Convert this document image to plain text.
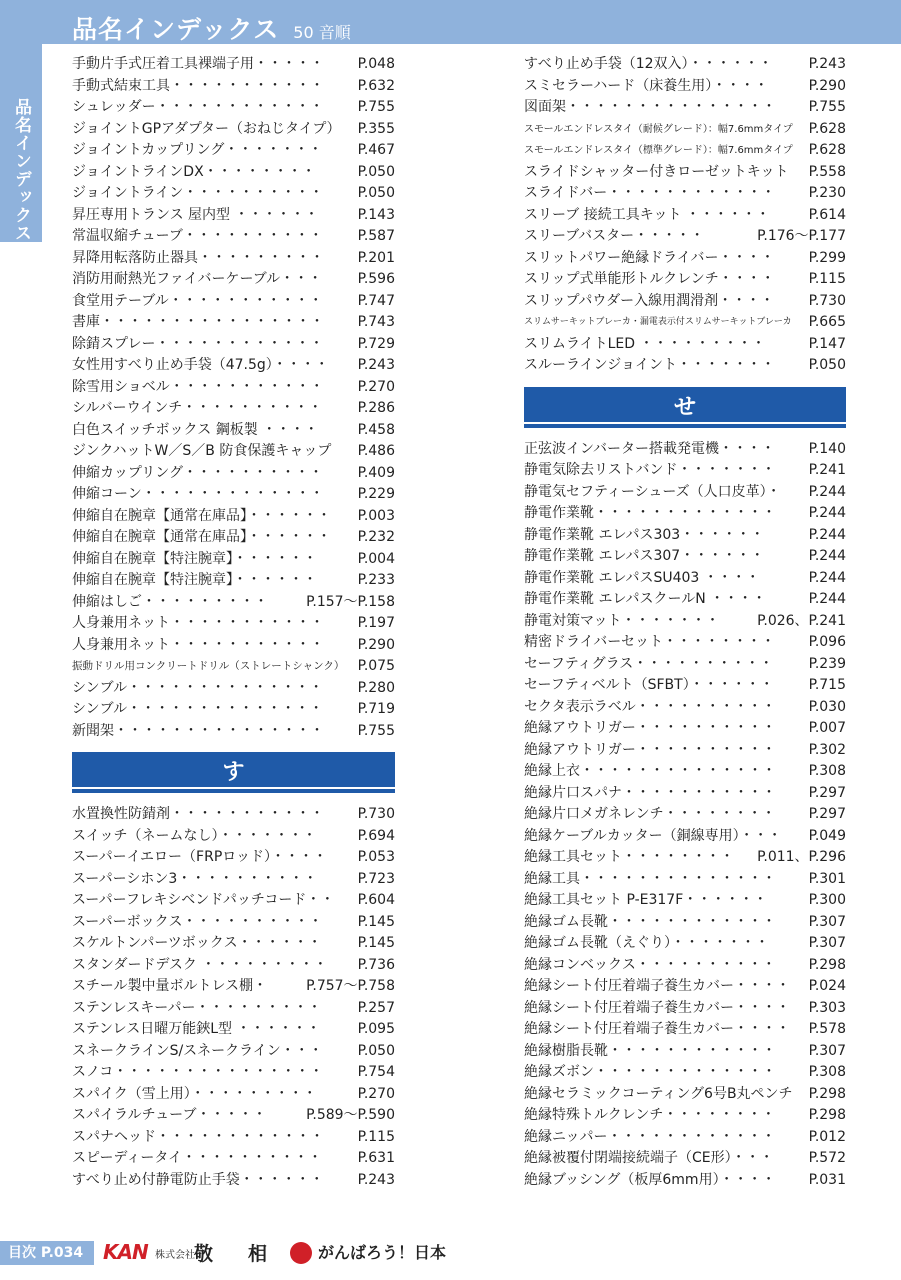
品名インデックス 50 音順
品名インデックス
手動片手式圧着工具裸端子用・・・・・ P.048
手動式結束工具・・・・・・・・・・・ P.632
シュレッダー・・・・・・・・・・・・ P.755
ジョイントGPアダプター（おねじタイプ） P.355
ジョイントカップリング・・・・・・・	P.467
ジョイントラインDX・・・・・・・・	P.050
ジョイントライン・・・・・・・・・・ P.050
昇圧専用トランス 屋内型 ・・・・・・	P.143
常温収縮チューブ・・・・・・・・・・ P.587
昇降用転落防止器具・・・・・・・・・ P.201
消防用耐熱光ファイバーケーブル・・・	P.596
食堂用テーブル・・・・・・・・・・・ P.747
書庫・・・・・・・・・・・・・・・・ P.743
除錆スプレー・・・・・・・・・・・・ P.729
女性用すべり止め手袋（47.5g）・・・・ P.243
除雪用ショベル・・・・・・・・・・・ P.270
シルバーウインチ・・・・・・・・・・	P.286
白色スイッチボックス 鋼板製 ・・・・	P.458
ジンクハットW／S／B 防食保護キャップ P.486
伸縮カップリング・・・・・・・・・・ P.409
伸縮コーン・・・・・・・・・・・・・ P.229
伸縮自在腕章【通常在庫品】・・・・・・ P.003
伸縮自在腕章【通常在庫品】・・・・・・ P.232
伸縮自在腕章【特注腕章】・・・・・・	P.004
伸縮自在腕章【特注腕章】・・・・・・	P.233
伸縮はしご・・・・・・・・・	P.157～P.158
人身兼用ネット・・・・・・・・・・・ P.197
人身兼用ネット・・・・・・・・・・・ P.290
振動ドリル用コンクリートドリル（ストレートシャンク） P.075
シンブル・・・・・・・・・・・・・・ P.280
シンブル・・・・・・・・・・・・・・ P.719
新聞架・・・・・・・・・・・・・・・ P.755
す
水置換性防錆剤・・・・・・・・・・・ P.730
スイッチ（ネームなし）・・・・・・・	P.694
スーパーイエロー（FRPロッド）・・・・ P.053
スーパーシホン3・・・・・・・・・・	P.723
スーパーフレキシベンドパッチコード・・ P.604
スーパーボックス・・・・・・・・・・	P.145
スケルトンパーツボックス・・・・・・	P.145
スタンダードデスク ・・・・・・・・・ P.736
スチール製中量ボルトレス棚・	P.757～P.758
ステンレスキーパー・・・・・・・・・	P.257
ステンレス日曜万能鋏L型 ・・・・・・	P.095
スネークラインS/スネークライン・・・ P.050
スノコ・・・・・・・・・・・・・・・ P.754
スパイク（雪上用）・・・・・・・・・	P.270
スパイラルチューブ・・・・・	P.589～P.590
スパナヘッド・・・・・・・・・・・・ P.115
スピーディータイ・・・・・・・・・・	P.631
すべり止め付静電防止手袋・・・・・・ P.243
すべり止め手袋（12双入）・・・・・・	P.243
スミセラーハード（床養生用）・・・・	P.290
図面架・・・・・・・・・・・・・・・ P.755
スモールエンドレスタイ（耐候グレード）：幅7.6mmタイプ P.628
スモールエンドレスタイ（標準グレード）：幅7.6mmタイプ P.628
スライドシャッター付きローゼットキット P.558
スライドバー・・・・・・・・・・・・ P.230
スリーブ 接続工具キット ・・・・・・	P.614
スリーブバスター・・・・・	P.176～P.177
スリットパワー絶縁ドライバー・・・・ P.299
スリップ式単能形トルクレンチ・・・・ P.115
スリップパウダー入線用潤滑剤・・・・ P.730
スリムサーキットブレーカ・漏電表示付スリムサーキットブレーカ P.665
スリムライトLED ・・・・・・・・・	P.147
スルーラインジョイント・・・・・・・ P.050
せ
正弦波インバーター搭載発電機・・・・ P.140
静電気除去リストバンド・・・・・・・ P.241
静電気セフティーシューズ（人口皮革）・ P.244
静電作業靴・・・・・・・・・・・・・ P.244
静電作業靴 エレパス303・・・・・・	P.244
静電作業靴 エレパス307・・・・・・	P.244
静電作業靴 エレパスSU403 ・・・・	P.244
静電作業靴 エレパスクールN ・・・・	P.244
静電対策マット・・・・・・・	P.026、P.241
精密ドライバーセット・・・・・・・・ P.096
セーフティグラス・・・・・・・・・・	P.239
セーフティベルト（SFBT）・・・・・・ P.715
セクタ表示ラベル・・・・・・・・・・ P.030
絶縁アウトリガー・・・・・・・・・・ P.007
絶縁アウトリガー・・・・・・・・・・ P.302
絶縁上衣・・・・・・・・・・・・・・ P.308
絶縁片口スパナ・・・・・・・・・・・ P.297
絶縁片口メガネレンチ・・・・・・・・ P.297
絶縁ケーブルカッター（銅線専用）・・・ P.049
絶縁工具セット・・・・・・・・ P.011、P.296
絶縁工具・・・・・・・・・・・・・・ P.301
絶縁工具セット P-E317F・・・・・・	P.300
絶縁ゴム長靴・・・・・・・・・・・・ P.307
絶縁ゴム長靴（えぐり）・・・・・・・	P.307
絶縁コンベックス・・・・・・・・・・ P.298
絶縁シート付圧着端子養生カバー・・・・ P.024
絶縁シート付圧着端子養生カバー・・・・ P.303
絶縁シート付圧着端子養生カバー・・・・ P.578
絶縁樹脂長靴・・・・・・・・・・・・ P.307
絶縁ズボン・・・・・・・・・・・・・ P.308
絶縁セラミックコーティング6号B丸ペンチ P.298
絶縁特殊トルクレンチ・・・・・・・・ P.298
絶縁ニッパー・・・・・・・・・・・・ P.012
絶縁被覆付閉端接続端子（CE形）・・・ P.572
絶縁ブッシング（板厚6mm用）・・・・ P.031
目次 P.034 KAN 株式会社 敬 相	がんばろう！日本
